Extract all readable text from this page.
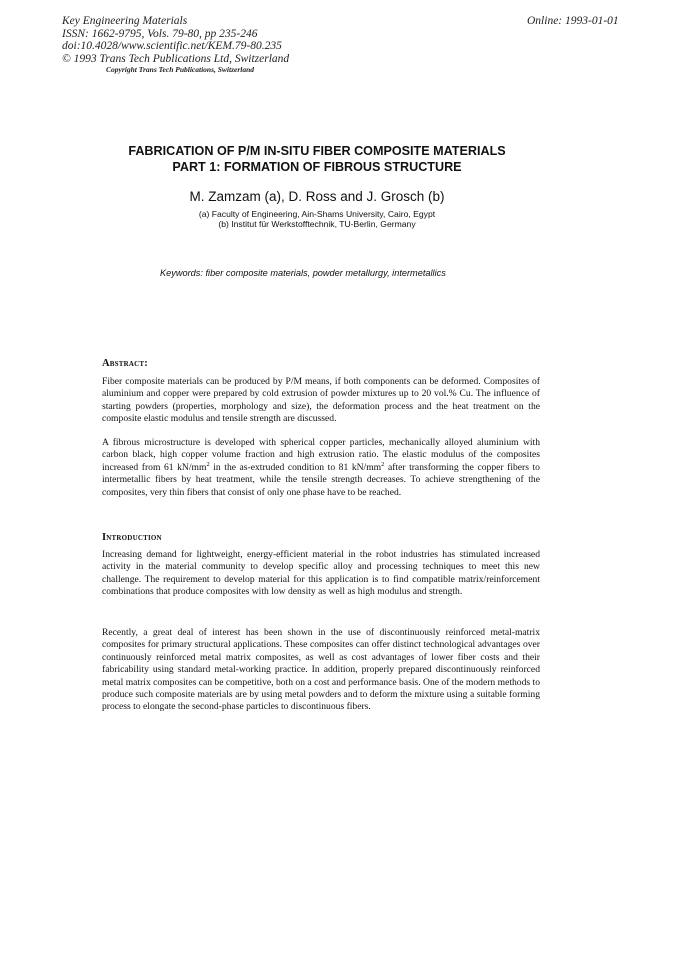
Key Engineering Materials
ISSN: 1662-9795, Vols. 79-80, pp 235-246
doi:10.4028/www.scientific.net/KEM.79-80.235
© 1993 Trans Tech Publications Ltd, Switzerland
Copyright Trans Tech Publications, Switzerland
Online: 1993-01-01
FABRICATION OF P/M IN-SITU FIBER COMPOSITE MATERIALS
PART 1: FORMATION OF FIBROUS STRUCTURE
M. Zamzam (a), D. Ross and J. Grosch (b)
(a) Faculty of Engineering, Ain-Shams University, Cairo, Egypt
(b) Institut für Werkstofftechnik, TU-Berlin, Germany
Keywords: fiber composite materials, powder metallurgy, intermetallics
Abstract:

Fiber composite materials can be produced by P/M means, if both components can be deformed. Composites of aluminium and copper were prepared by cold extrusion of powder mixtures up to 20 vol.% Cu. The influence of starting powders (properties, morphology and size), the deformation process and the heat treatment on the composite elastic modulus and tensile strength are discussed.

A fibrous microstructure is developed with spherical copper particles, mechanically alloyed aluminium with carbon black, high copper volume fraction and high extrusion ratio. The elastic modulus of the composites increased from 61 $kN/mm^2$ in the as-extruded condition to 81 $kN/mm^2$ after transforming the copper fibers to intermetallic fibers by heat treatment, while the tensile strength decreases. To achieve strengthening of the composites, very thin fibers that consist of only one phase have to be reached.

Introduction

Increasing demand for lightweight, energy-efficient material in the robot industries has stimulated increased activity in the material community to develop specific alloy and processing techniques to meet this new challenge. The requirement to develop material for this application is to find compatible matrix/reinforcement combinations that produce composites with low density as well as high modulus and strength.

Recently, a great deal of interest has been shown in the use of discontinuously reinforced metal-matrix composites for primary structural applications. These composites can offer distinct technological advantages over continuously reinforced metal matrix composites, as well as cost advantages of lower fiber costs and their fabricability using standard metal-working practice. In addition, properly prepared discontinuously reinforced metal matrix composites can be competitive, both on a cost and performance basis. One of the modern methods to produce such composite materials are by using metal powders and to deform the mixture using a suitable forming process to elongate the second-phase particles to discontinuous fibers.
